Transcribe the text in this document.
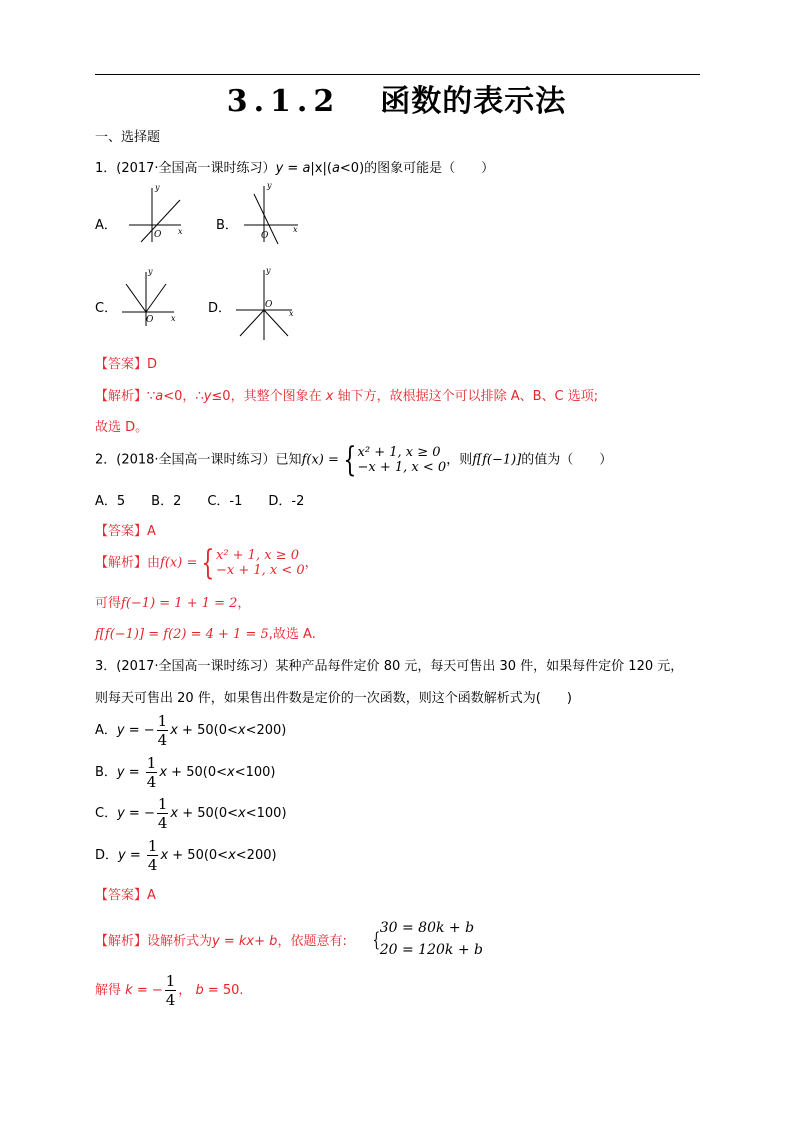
3.1.2 函数的表示法
一、选择题
1．(2017·全国高一课时练习）y = a|x|(a<0)的图象可能是（　　）
A．
y
x
O
B．
y
x
O
C．
y
x
O
D．
y
x
O
【答案】D
【解析】∵a<0，∴y≤0，其整个图象在 x 轴下方，故根据这个可以排除 A、B、C 选项;
故选 D。
2．(2018·全国高一课时练习）已知f(x) = { x² + 1, x ≥ 0
−x + 1, x < 0 ，则f[f(−1)]的值为（　　）
A．5　　B．2　　C．-1　　D．-2
【答案】A
【解析】由f(x) = { x² + 1, x ≥ 0
−x + 1, x < 0 ，
可得f(−1) = 1 + 1 = 2，
f[f(−1)] = f(2) = 4 + 1 = 5,故选 A.
3．(2017·全国高一课时练习）某种产品每件定价 80 元，每天可售出 30 件，如果每件定价 120 元，
则每天可售出 20 件，如果售出件数是定价的一次函数，则这个函数解析式为(　　)
A．y = − $\frac{1}{4}$ x + 50(0<x<200)
B．$y = \frac{1}{4}$ x + 50(0<x<100)
C．y = − $\frac{1}{4}$ x + 50(0<x<100)
D．$y = \frac{1}{4}$ x + 50(0<x<200)
【答案】A
【解析】设解析式为y = kx+ b，依题意有: { 30 = 80k + b
20 = 120k + b
解得 k = − $\frac{1}{4}$ ， b = 50.
